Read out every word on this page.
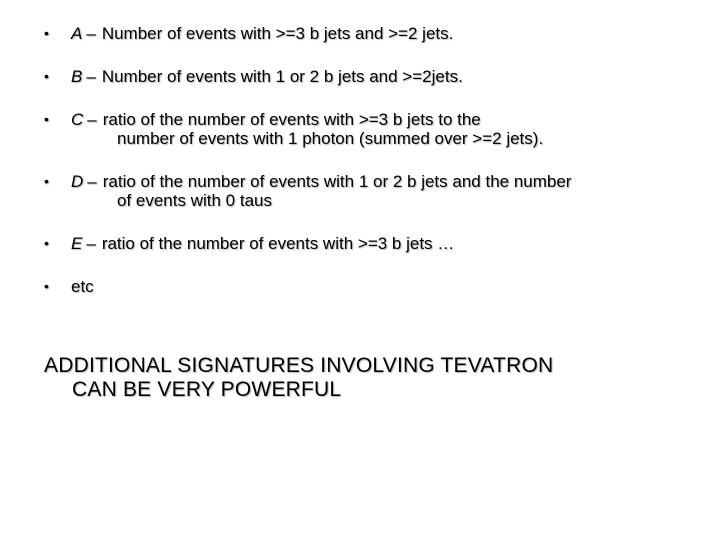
• A – Number of events with >=3 b jets and >=2 jets.
• B – Number of events with 1 or 2 b jets and >=2jets.
• C – ratio of the number of events with >=3 b jets to the
number of events with 1 photon (summed over >=2 jets).
• D – ratio of the number of events with 1 or 2 b jets and the number
of events with 0 taus
• E – ratio of the number of events with >=3 b jets …
• etc
ADDITIONAL SIGNATURES INVOLVING TEVATRON
CAN BE VERY POWERFUL
